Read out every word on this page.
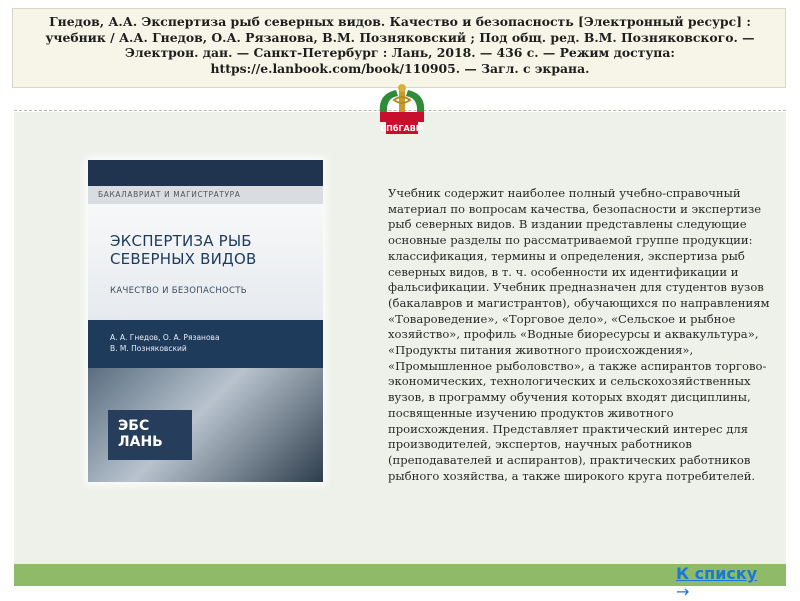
Гнедов, А.А. Экспертиза рыб северных видов. Качество и безопасность [Электронный ресурс] : учебник / А.А. Гнедов, О.А. Рязанова, В.М. Позняковский ; Под общ. ред. В.М. Позняковского. — Электрон. дан. — Санкт-Петербург : Лань, 2018. — 436 с. — Режим доступа: https://e.lanbook.com/book/110905. — Загл. с экрана.
СПбГАВМ
БАКАЛАВРИАТ И МАГИСТРАТУРА
ЭКСПЕРТИЗА РЫБ
СЕВЕРНЫХ ВИДОВ
КАЧЕСТВО И БЕЗОПАСНОСТЬ
А. А. Гнедов, О. А. Рязанова
В. М. Позняковский
ЭБС
ЛАНЬ

Учебник содержит наиболее полный учебно-справочный материал по вопросам качества, безопасности и экспертизе рыб северных видов. В издании представлены следующие основные разделы по рассматриваемой группе продукции: классификация, термины и определения, экспертиза рыб северных видов, в т. ч. особенности их идентификации и фальсификации. Учебник предназначен для студентов вузов (бакалавров и магистрантов), обучающихся по направлениям «Товароведение», «Торговое дело», «Сельское и рыбное хозяйство», профиль «Водные биоресурсы и аквакультура», «Продукты питания животного происхождения», «Промышленное рыболовство», а также аспирантов торгово-экономических, технологических и сельскохозяйственных вузов, в программу обучения которых входят дисциплины, посвященные изучению продуктов животного происхождения. Представляет практический интерес для производителей, экспертов, научных работников (преподавателей и аспирантов), практических работников рыбного хозяйства, а также широкого круга потребителей.

К списку
→
